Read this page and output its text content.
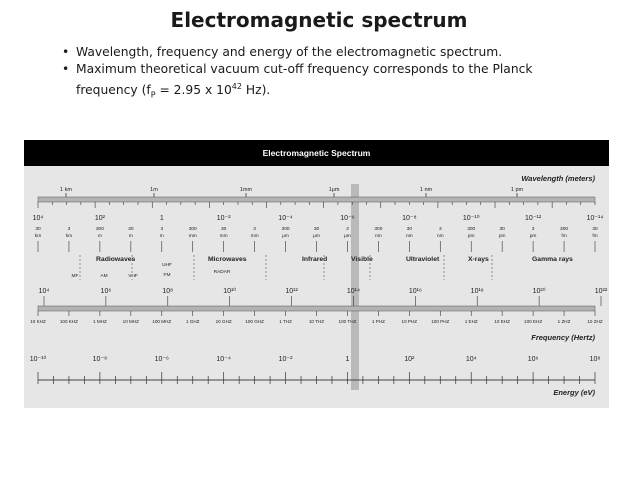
Electromagnetic spectrum
• Wavelength, frequency and energy of the electromagnetic spectrum.
• Maximum theoretical vacuum cut-off frequency corresponds to the Planck
frequency ($f_P = 2.95$ x $10^{42}$ Hz).
Electromagnetic Spectrum
Wavelength (meters)
Frequency (Hertz)
Energy (eV)
1 km	1m	1mm	1μm	1 nm	1 pm
10⁴	10²	1	10⁻²	10⁻⁴	10⁻⁶	10⁻⁸	10⁻¹⁰	10⁻¹²	10⁻¹⁴
30
km
3
km
300
m
30
m
3
m
300
mm
30
mm
3
mm
300
μm
30
μm
3
μm
300
nm
30
nm
3
nm
300
pm
30
pm
3
pm
300
fm
30
fm
Radiowaves	Microwaves	Infrared	Visible	Ultraviolet	X-rays	Gamma rays
MF	AM	VHF
UHF
FM
RADAR
10⁴	10⁶	10⁸	10¹⁰	10¹²	10¹⁴	10¹⁶	10¹⁸	10²⁰	10²²
10 KHZ	100 KHZ	1 MHZ	10 MHZ	100 MHZ	1 GHZ	10 GHZ	100 GHZ	1 THZ	10 THZ	100 THZ	1 PHZ	10 PHZ	100 PHZ	1 EHZ	10 EHZ	100 EHZ	1 ZHZ	10 ZHZ
10⁻¹⁰	10⁻⁸	10⁻⁶	10⁻⁴	10⁻²	1	10²	10⁴	10⁶	10⁸
